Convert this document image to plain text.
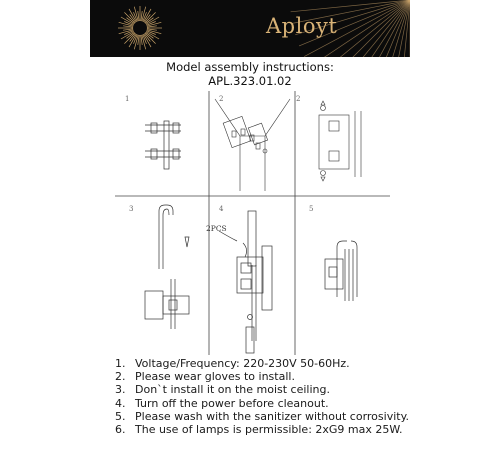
Aployt
Model assembly instructions:
APL.323.01.02
1	2	2
3	4	5
2PCS
1. Voltage/Frequency: 220-230V 50-60Hz.
2. Please wear gloves to install.
3. Don`t install it on the moist ceiling.
4. Turn off the power before cleanout.
5. Please wash with the sanitizer without corrosivity.
6. The use of lamps is permissible: 2xG9 max 25W.
